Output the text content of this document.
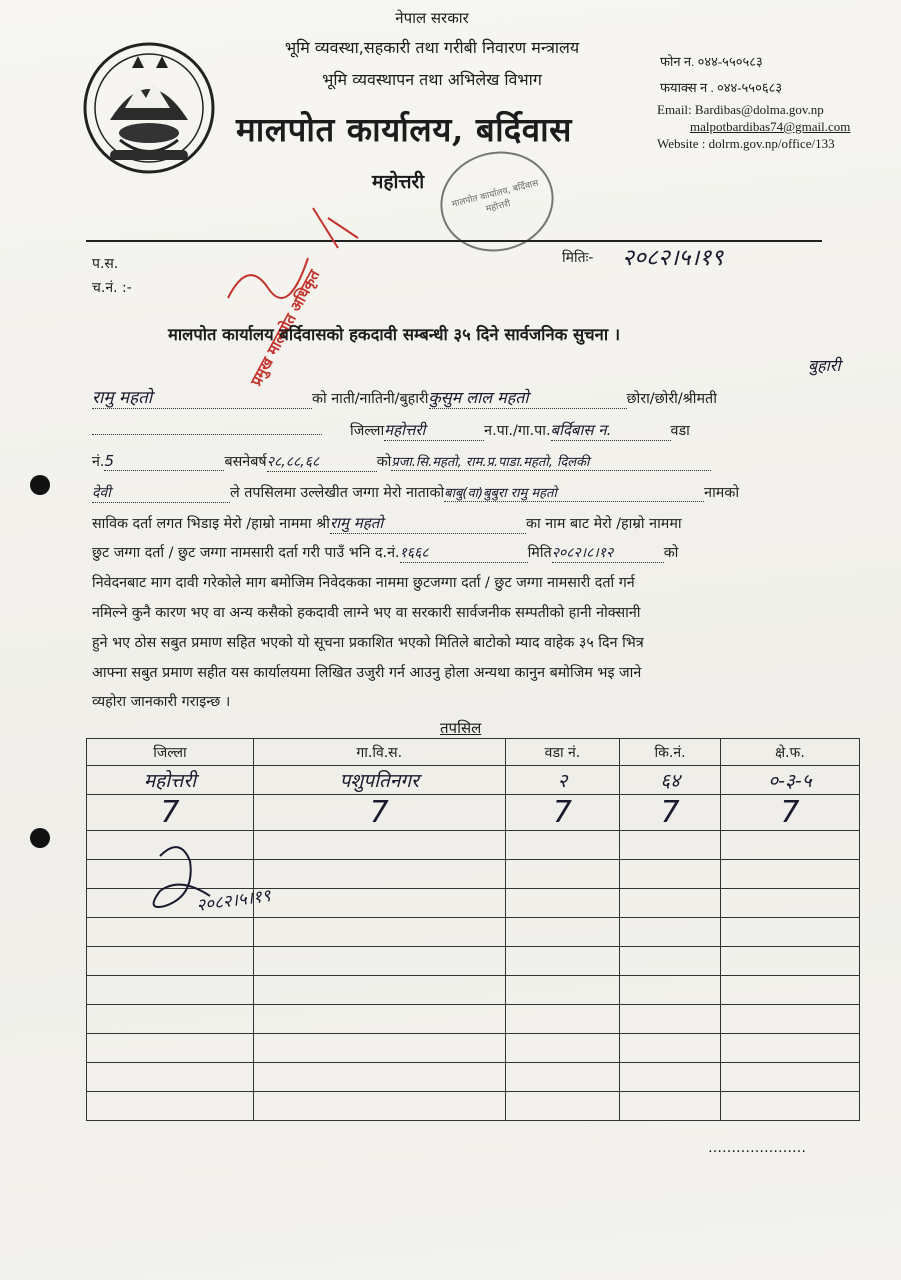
नेपाल सरकार
भूमि व्यवस्था,सहकारी तथा गरीबी निवारण मन्त्रालय
भूमि व्यवस्थापन तथा अभिलेख विभाग
मालपोत कार्यालय, बर्दिवास
महोत्तरी
फोन न. ०४४-५५०५८३
फयाक्स न . ०४४-५५०६८३
Email: Bardibas@dolma.gov.np
malpotbardibas74@gmail.com
Website : dolrm.gov.np/office/133
मालपोत कार्यालय, बर्दिवास महोत्तरी
प.स.
च.नं. :-
मितिः- २०८२।५।१९
प्रमुख मालपोत अधिकृत
मालपोत कार्यालय बर्दिवासको हकदावी सम्बन्धी ३५ दिने सार्वजनिक सुचना ।
रामु महतो	को नाती/नातिनी/बुहारीकुसुम लाल महतो	छोरा/छोरी/श्रीमती
बुहारी
जिल्लामहोत्तरी	न.पा./गा.पा.बर्दिबास न.	वडा
नं.5	बसनेबर्ष२८,८८,६८	कोप्रजा.सि.महतो, राम.प्र.पाडा.महतो, दिलकी
देवी	ले तपसिलमा उल्लेखीत जग्गा मेरो नाताकोबाबु(वा)बुबुरा रामु महतो	नामको
साविक दर्ता लगत भिडाइ मेरो /हाम्रो नाममा श्रीरामु महतो	का नाम बाट मेरो /हाम्रो नाममा
छुट जग्गा दर्ता / छुट जग्गा नामसारी दर्ता गरी पाउँ भनि द.नं.१६६८	मिति२०८२।८।१२	को
निवेदनबाट माग दावी गरेकोले माग बमोजिम निवेदकका नाममा छुटजग्गा दर्ता / छुट जग्गा नामसारी दर्ता गर्न
नमिल्ने कुनै कारण भए वा अन्य कसैको हकदावी लाग्ने भए वा सरकारी सार्वजनीक सम्पतीको हानी नोक्सानी
हुने भए ठोस सबुत प्रमाण सहित भएको यो सूचना प्रकाशित भएको मितिले बाटोको म्याद वाहेक ३५ दिन भित्र
आफ्ना सबुत प्रमाण सहीत यस कार्यालयमा लिखित उजुरी गर्न आउनु होला अन्यथा कानुन बमोजिम भइ जाने
व्यहोरा जानकारी गराइन्छ ।
तपसिल
जिल्ला	गा.वि.स.	वडा नं.	कि.नं.	क्षे.फ.
महोत्तरी	पशुपतिनगर	२	६४	०-३-५
7	7	7	7	7

२०८२।५।१९
…………………
